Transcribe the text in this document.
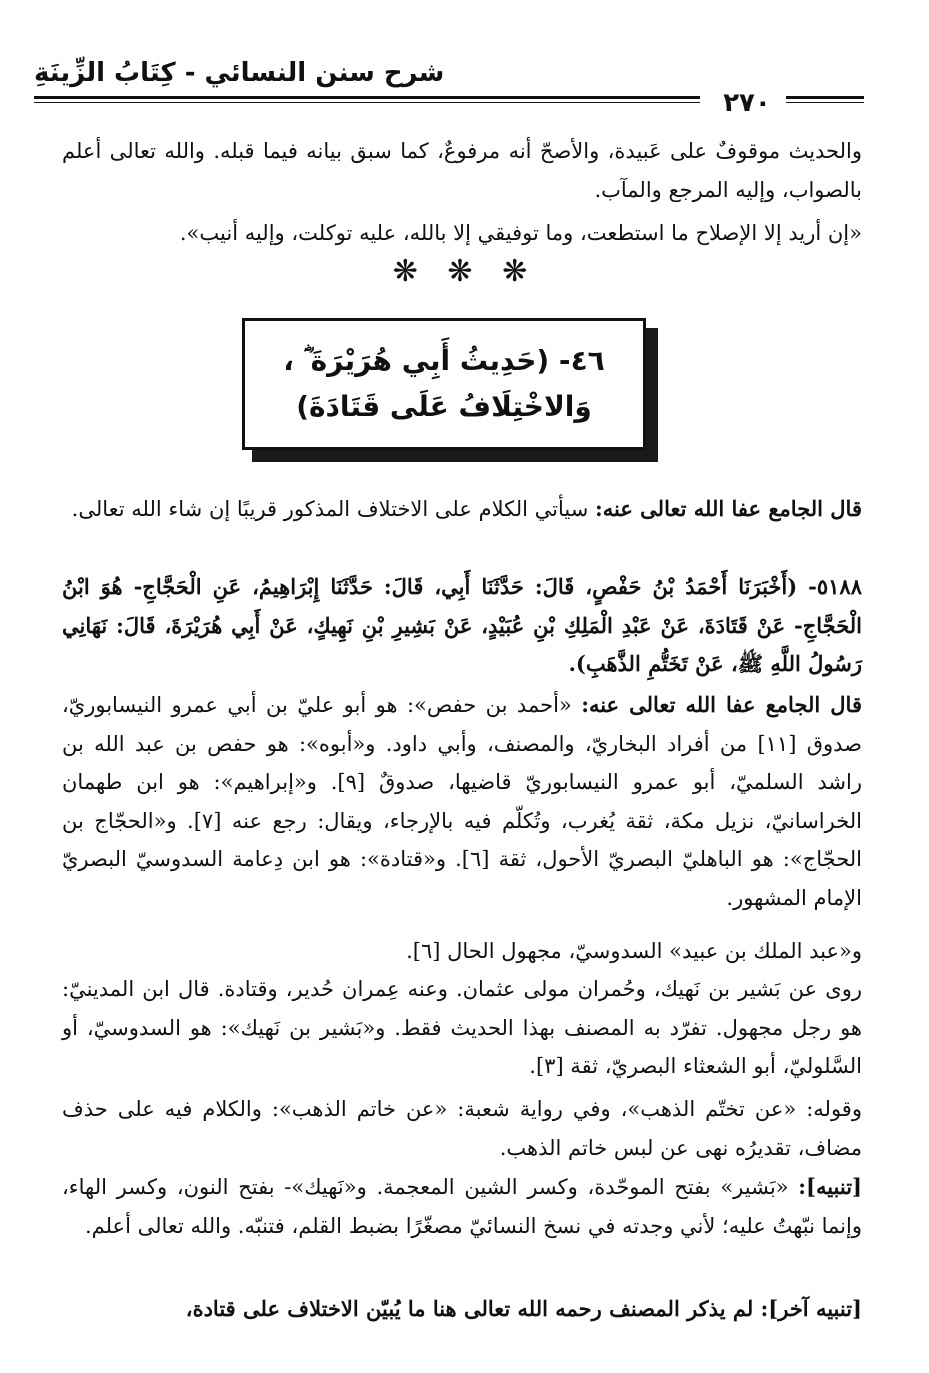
شرح سنن النسائي - كِتَابُ الزِّينَةِ
٢٧٠
والحديث موقوفٌ على عَبيدة، والأصحّ أنه مرفوعٌ، كما سبق بيانه فيما قبله. والله تعالى أعلم بالصواب، وإليه المرجع والمآب.
«إن أريد إلا الإصلاح ما استطعت، وما توفيقي إلا بالله، عليه توكلت، وإليه أنيب».
❋ ❋ ❋
٤٦- (حَدِيثُ أَبِي هُرَيْرَةَ ؓ ،
وَالاخْتِلَافُ عَلَى قَتَادَةَ)
قال الجامع عفا الله تعالى عنه: سيأتي الكلام على الاختلاف المذكور قريبًا إن شاء الله تعالى.
٥١٨٨- (أَخْبَرَنَا أَحْمَدُ بْنُ حَفْصٍ، قَالَ: حَدَّثَنَا أَبِي، قَالَ: حَدَّثَنَا إِبْرَاهِيمُ، عَنِ الْحَجَّاجِ- هُوَ ابْنُ الْحَجَّاجِ- عَنْ قَتَادَةَ، عَنْ عَبْدِ الْمَلِكِ بْنِ عُبَيْدٍ، عَنْ بَشِيرِ بْنِ نَهِيكٍ، عَنْ أَبِي هُرَيْرَةَ، قَالَ: نَهَانِي رَسُولُ اللَّهِ ﷺ، عَنْ تَخَتُّمِ الذَّهَبِ).
قال الجامع عفا الله تعالى عنه: «أحمد بن حفص»: هو أبو عليّ بن أبي عمرو النيسابوريّ، صدوق [١١] من أفراد البخاريّ، والمصنف، وأبي داود. و«أبوه»: هو حفص بن عبد الله بن راشد السلميّ، أبو عمرو النيسابوريّ قاضيها، صدوقٌ [٩]. و«إبراهيم»: هو ابن طهمان الخراسانيّ، نزيل مكة، ثقة يُغرب، وتُكلّم فيه بالإرجاء، ويقال: رجع عنه [٧]. و«الحجّاج بن الحجّاج»: هو الباهليّ البصريّ الأحول، ثقة [٦]. و«قتادة»: هو ابن دِعامة السدوسيّ البصريّ الإمام المشهور.
و«عبد الملك بن عبيد» السدوسيّ، مجهول الحال [٦].
روى عن بَشير بن نَهيك، وحُمران مولى عثمان. وعنه عِمران حُدير، وقتادة. قال ابن المدينيّ: هو رجل مجهول. تفرّد به المصنف بهذا الحديث فقط. و«بَشير بن نَهيك»: هو السدوسيّ، أو السَّلوليّ، أبو الشعثاء البصريّ، ثقة [٣].
وقوله: «عن تختّم الذهب»، وفي رواية شعبة: «عن خاتم الذهب»: والكلام فيه على حذف مضاف، تقديرُه نهى عن لبس خاتم الذهب.
[تنبيه]: «بَشير» بفتح الموحّدة، وكسر الشين المعجمة. و«نَهيك»- بفتح النون، وكسر الهاء، وإنما نبّهتُ عليه؛ لأني وجدته في نسخ النسائيّ مصغّرًا بضبط القلم، فتنبّه. والله تعالى أعلم.
[تنبيه آخر]: لم يذكر المصنف رحمه الله تعالى هنا ما يُبيّن الاختلاف على قتادة،
